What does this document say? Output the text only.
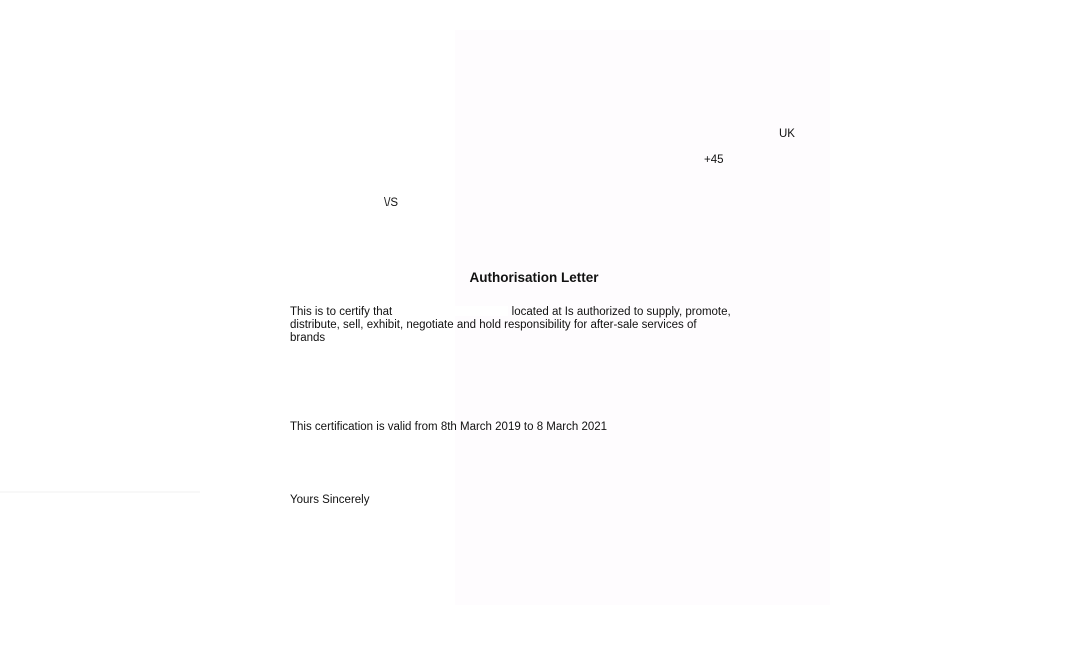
UK
+45
\/S
Authorisation Letter
This is to certify that	located at Is authorized to supply, promote,
distribute, sell, exhibit, negotiate and hold responsibility for after-sale services of
brands
This certification is valid from 8th March 2019 to 8 March 2021
Yours Sincerely
